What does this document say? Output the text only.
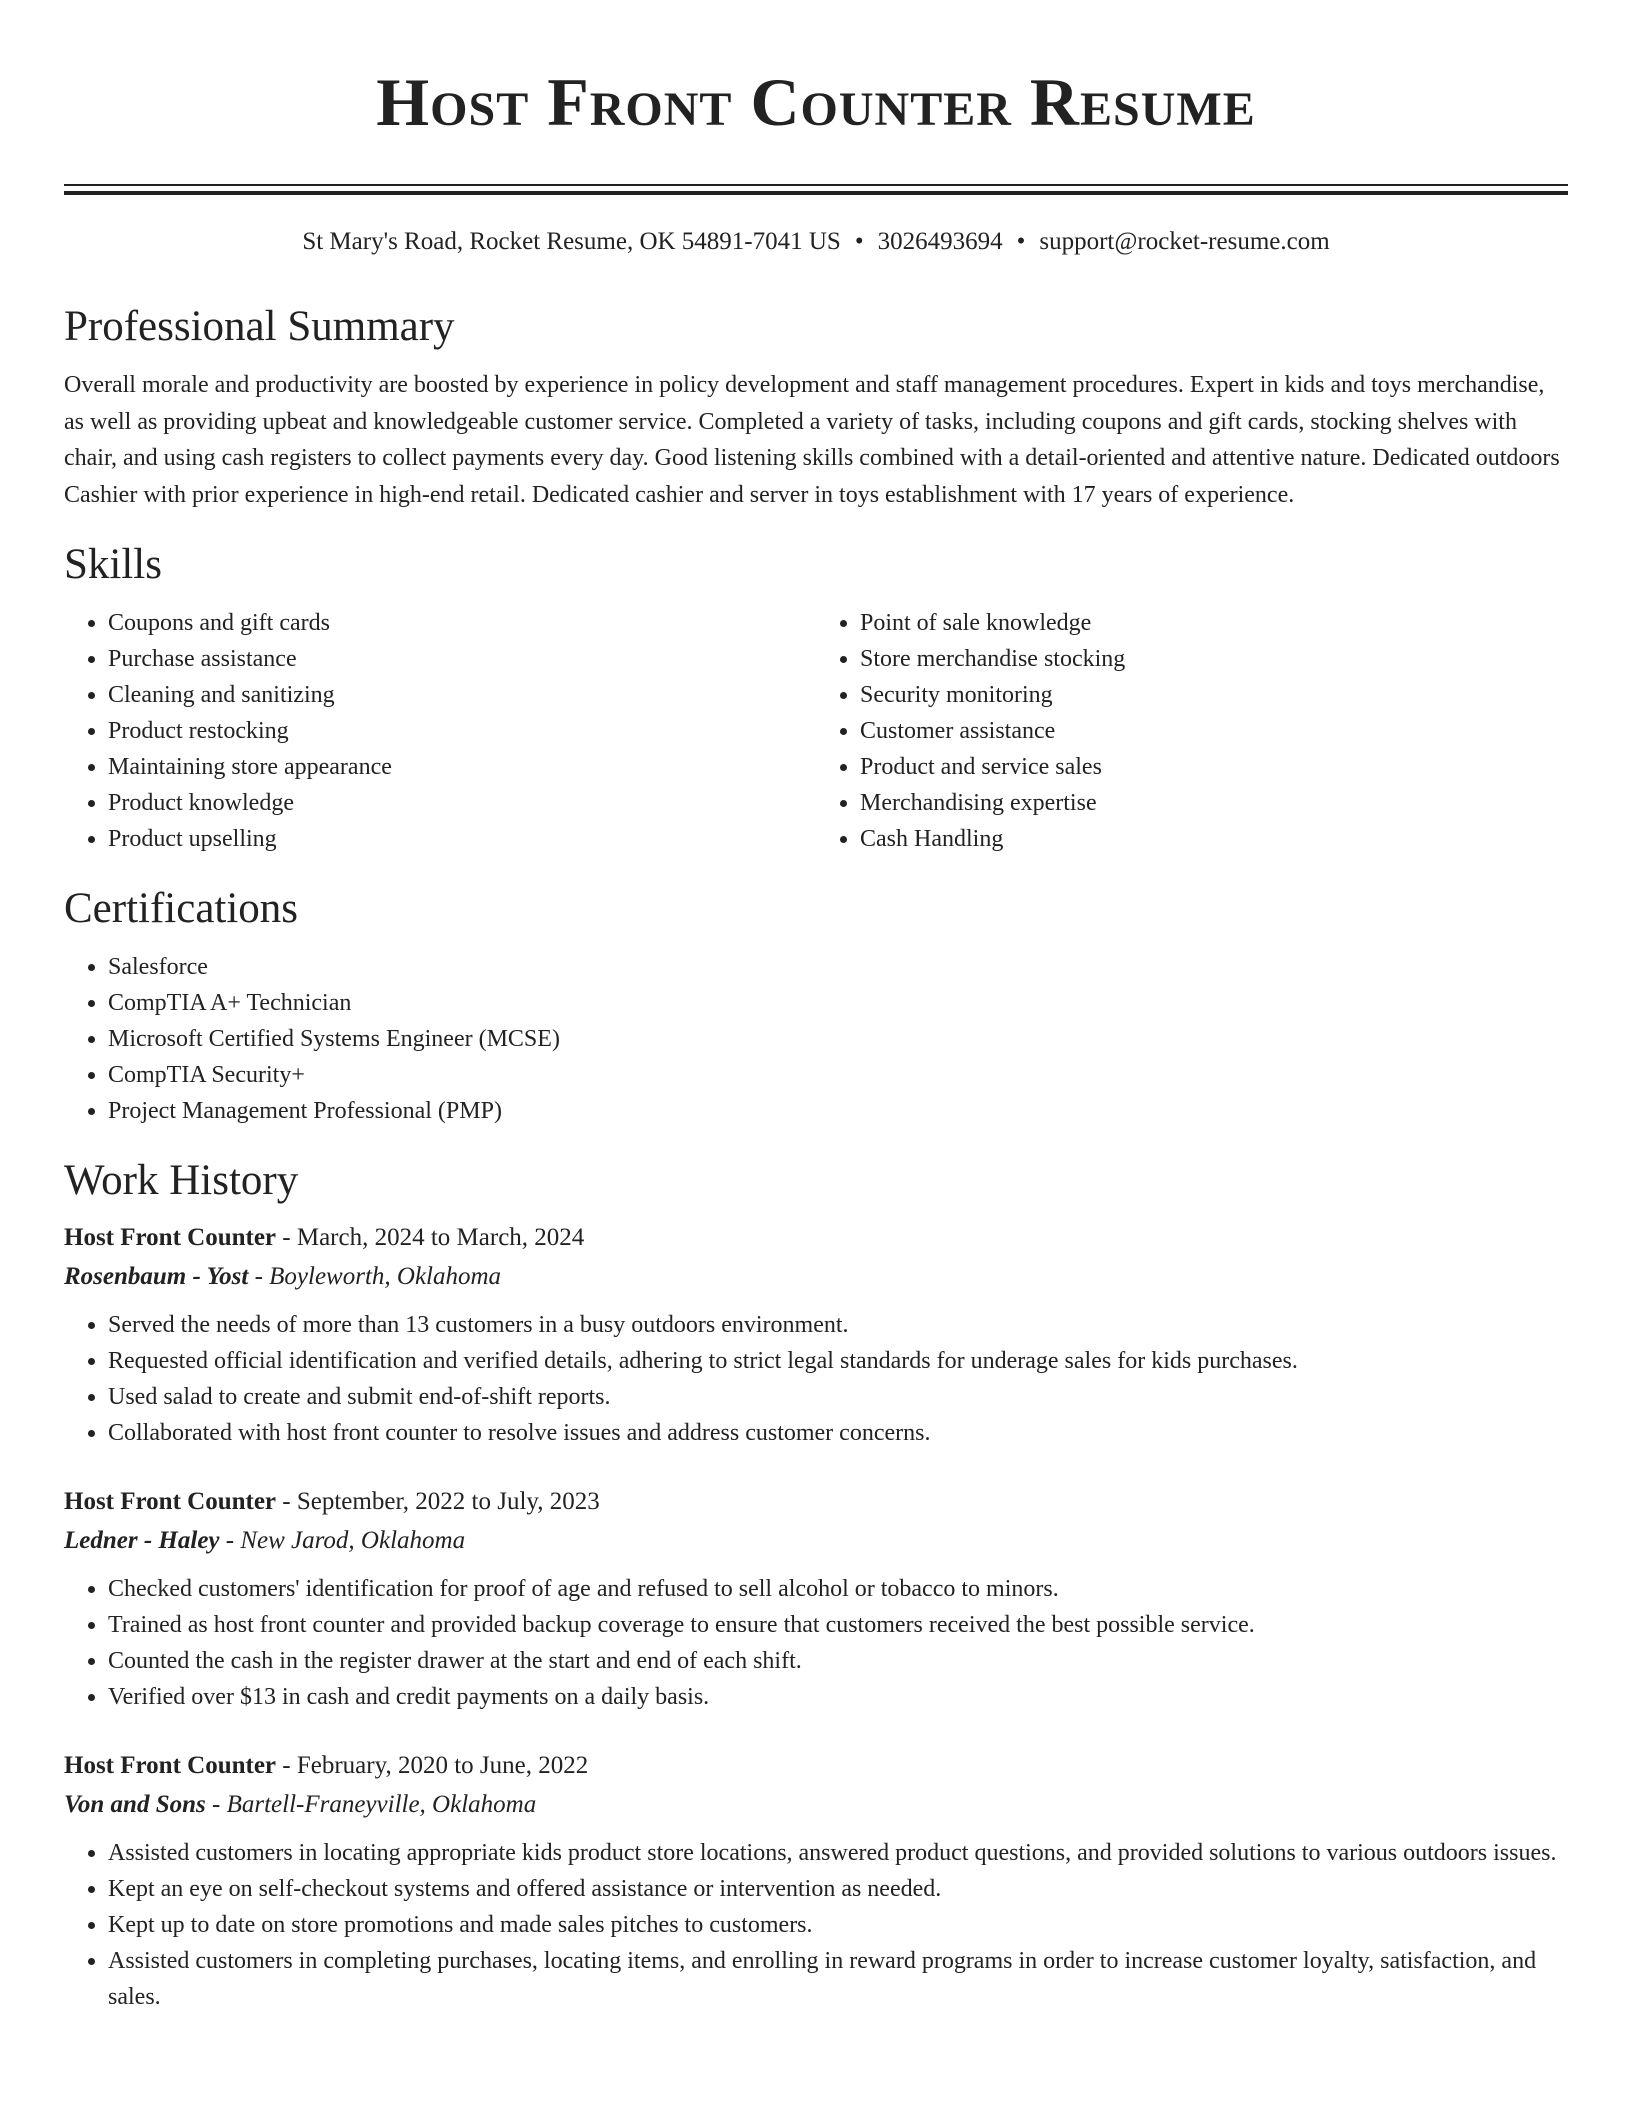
Host Front Counter Resume
St Mary's Road, Rocket Resume, OK 54891-7041 US • 3026493694 • support@rocket-resume.com
Professional Summary

Overall morale and productivity are boosted by experience in policy development and staff management procedures. Expert in kids and toys merchandise, as well as providing upbeat and knowledgeable customer service. Completed a variety of tasks, including coupons and gift cards, stocking shelves with chair, and using cash registers to collect payments every day. Good listening skills combined with a detail-oriented and attentive nature. Dedicated outdoors Cashier with prior experience in high-end retail. Dedicated cashier and server in toys establishment with 17 years of experience.

Skills
• Coupons and gift cards
• Purchase assistance
• Cleaning and sanitizing
• Product restocking
• Maintaining store appearance
• Product knowledge
• Product upselling
• Point of sale knowledge
• Store merchandise stocking
• Security monitoring
• Customer assistance
• Product and service sales
• Merchandising expertise
• Cash Handling
Certifications
• Salesforce
• CompTIA A+ Technician
• Microsoft Certified Systems Engineer (MCSE)
• CompTIA Security+
• Project Management Professional (PMP)
Work History
Host Front Counter - March, 2024 to March, 2024
Rosenbaum - Yost - Boyleworth, Oklahoma
• Served the needs of more than 13 customers in a busy outdoors environment.
• Requested official identification and verified details, adhering to strict legal standards for underage sales for kids purchases.
• Used salad to create and submit end-of-shift reports.
• Collaborated with host front counter to resolve issues and address customer concerns.
Host Front Counter - September, 2022 to July, 2023
Ledner - Haley - New Jarod, Oklahoma
• Checked customers' identification for proof of age and refused to sell alcohol or tobacco to minors.
• Trained as host front counter and provided backup coverage to ensure that customers received the best possible service.
• Counted the cash in the register drawer at the start and end of each shift.
• Verified over $13 in cash and credit payments on a daily basis.
Host Front Counter - February, 2020 to June, 2022
Von and Sons - Bartell-Franeyville, Oklahoma
• Assisted customers in locating appropriate kids product store locations, answered product questions, and provided solutions to various outdoors issues.
• Kept an eye on self-checkout systems and offered assistance or intervention as needed.
• Kept up to date on store promotions and made sales pitches to customers.
• Assisted customers in completing purchases, locating items, and enrolling in reward programs in order to increase customer loyalty, satisfaction, and sales.
